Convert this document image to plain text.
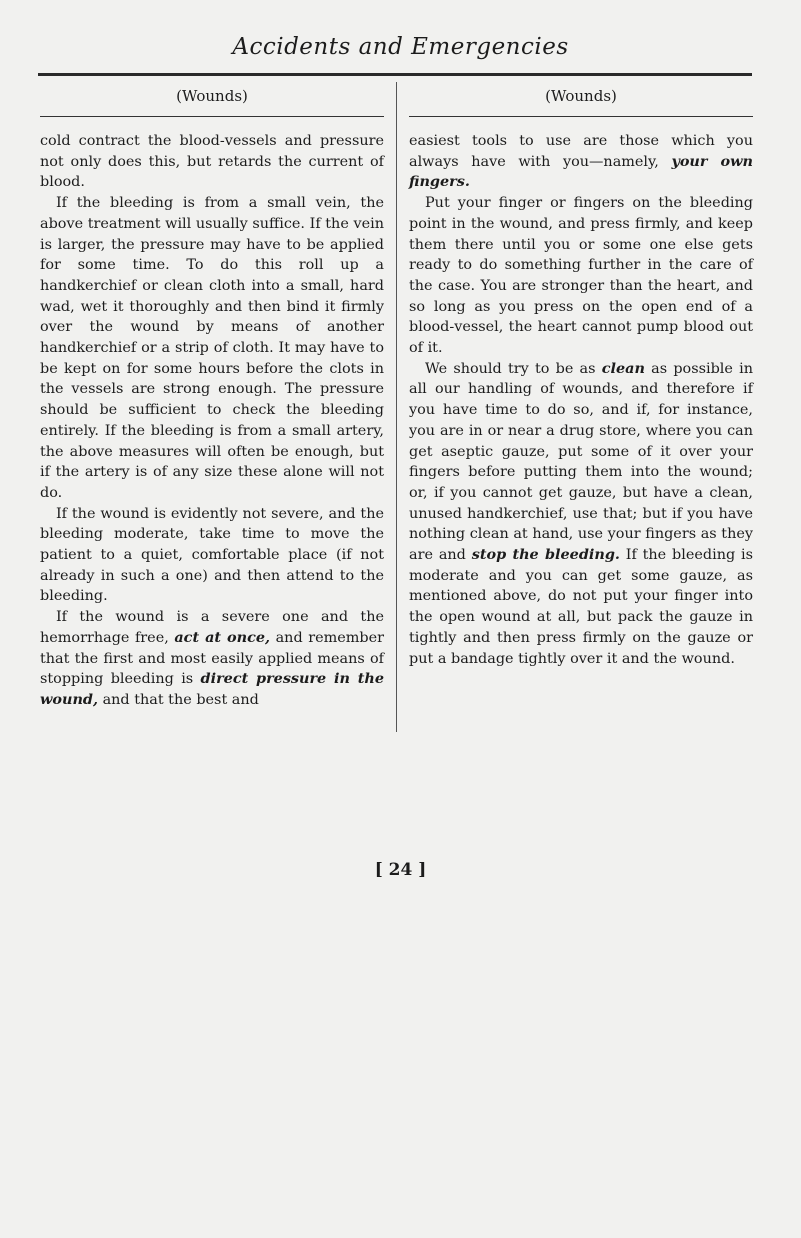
Accidents and Emergencies
(Wounds)

cold contract the blood-vessels and pressure not only does this, but retards the current of blood.

If the bleeding is from a small vein, the above treatment will usually suffice. If the vein is larger, the pressure may have to be applied for some time. To do this roll up a handkerchief or clean cloth into a small, hard wad, wet it thoroughly and then bind it firmly over the wound by means of another handkerchief or a strip of cloth. It may have to be kept on for some hours before the clots in the vessels are strong enough. The pressure should be sufficient to check the bleeding entirely. If the bleeding is from a small artery, the above measures will often be enough, but if the artery is of any size these alone will not do.

If the wound is evidently not severe, and the bleeding moderate, take time to move the patient to a quiet, comfortable place (if not already in such a one) and then attend to the bleeding.

If the wound is a severe one and the hemorrhage free, act at once, and remember that the first and most easily applied means of stopping bleeding is direct pressure in the wound, and that the best and

(Wounds)

easiest tools to use are those which you always have with you—namely, your own fingers.

Put your finger or fingers on the bleeding point in the wound, and press firmly, and keep them there until you or some one else gets ready to do something further in the care of the case. You are stronger than the heart, and so long as you press on the open end of a blood-vessel, the heart cannot pump blood out of it.

We should try to be as clean as possible in all our handling of wounds, and therefore if you have time to do so, and if, for instance, you are in or near a drug store, where you can get aseptic gauze, put some of it over your fingers before putting them into the wound; or, if you cannot get gauze, but have a clean, unused handkerchief, use that; but if you have nothing clean at hand, use your fingers as they are and stop the bleeding. If the bleeding is moderate and you can get some gauze, as mentioned above, do not put your finger into the open wound at all, but pack the gauze in tightly and then press firmly on the gauze or put a bandage tightly over it and the wound.

[ 24 ]
